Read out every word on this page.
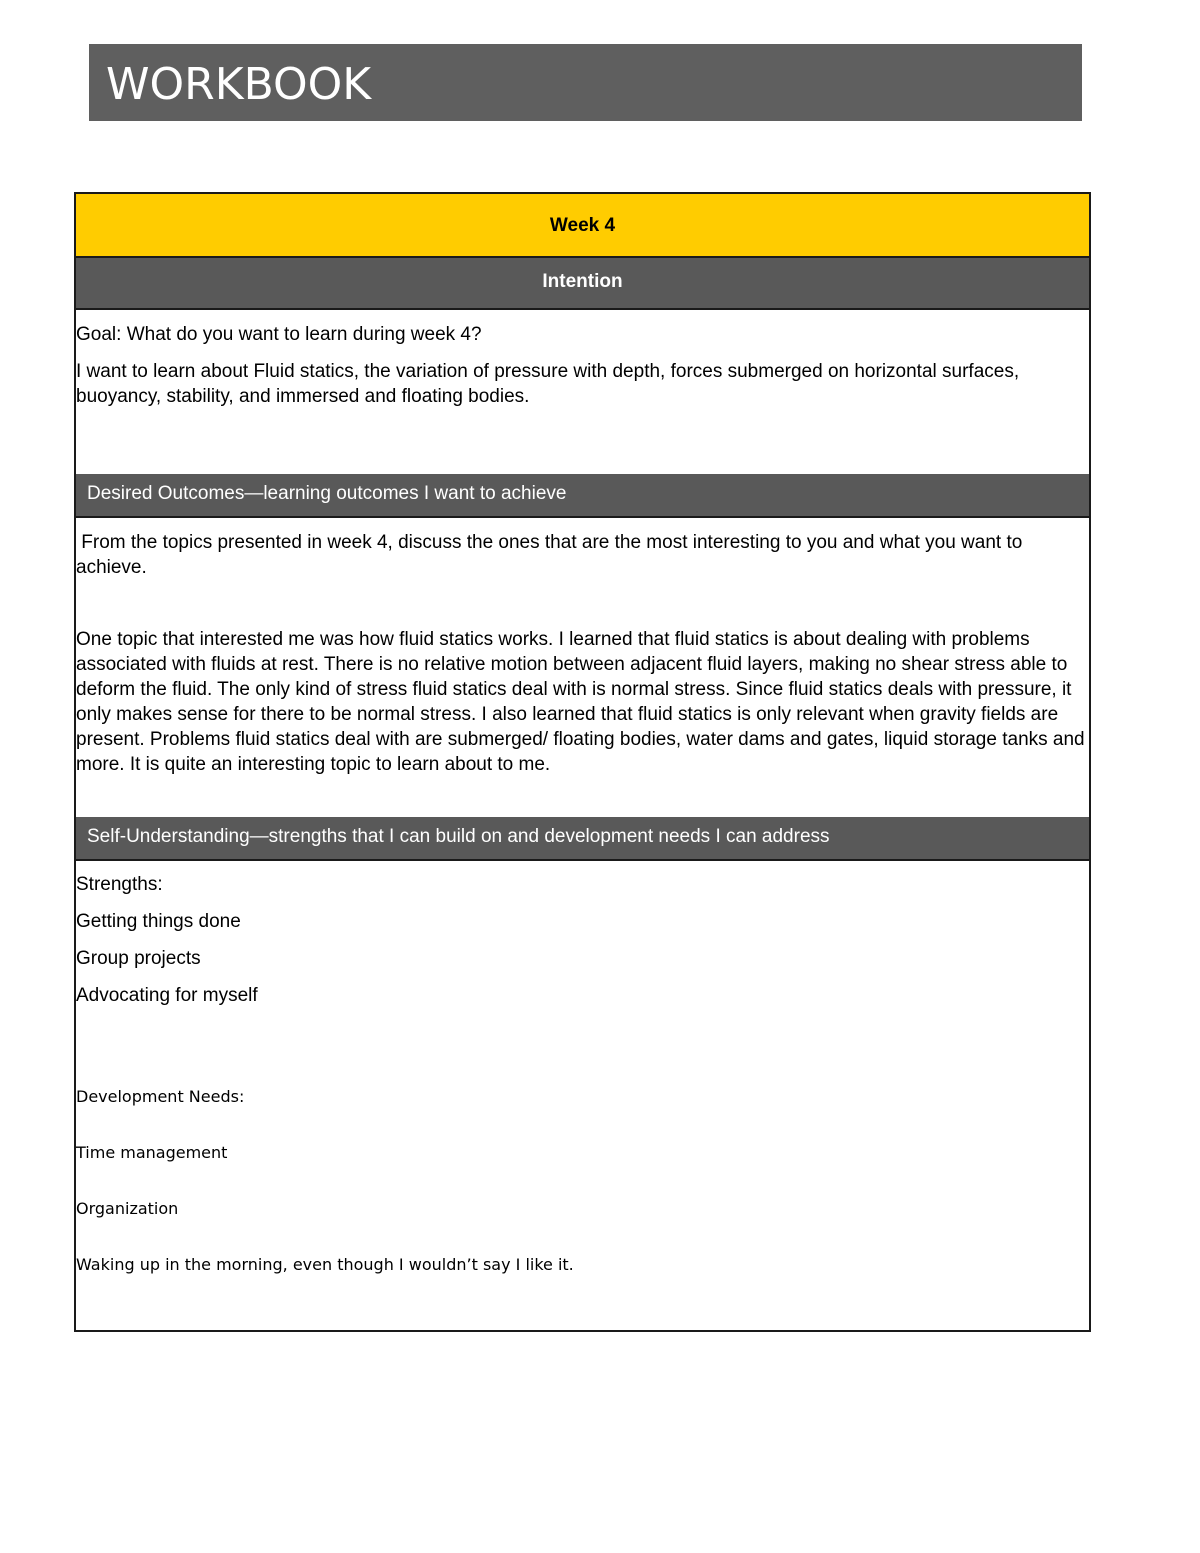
WORKBOOK
Week 4
Intention

Goal: What do you want to learn during week 4?

I want to learn about Fluid statics, the variation of pressure with depth, forces submerged on horizontal surfaces, buoyancy, stability, and immersed and floating bodies.

Desired Outcomes—learning outcomes I want to achieve

From the topics presented in week 4, discuss the ones that are the most interesting to you and what you want to achieve.

One topic that interested me was how fluid statics works. I learned that fluid statics is about dealing with problems associated with fluids at rest. There is no relative motion between adjacent fluid layers, making no shear stress able to deform the fluid. The only kind of stress fluid statics deal with is normal stress. Since fluid statics deals with pressure, it only makes sense for there to be normal stress. I also learned that fluid statics is only relevant when gravity fields are present. Problems fluid statics deal with are submerged/ floating bodies, water dams and gates, liquid storage tanks and more. It is quite an interesting topic to learn about to me.

Self-Understanding—strengths that I can build on and development needs I can address

Strengths:

Getting things done

Group projects

Advocating for myself

Development Needs:

Time management

Organization

Waking up in the morning, even though I wouldn’t say I like it.
